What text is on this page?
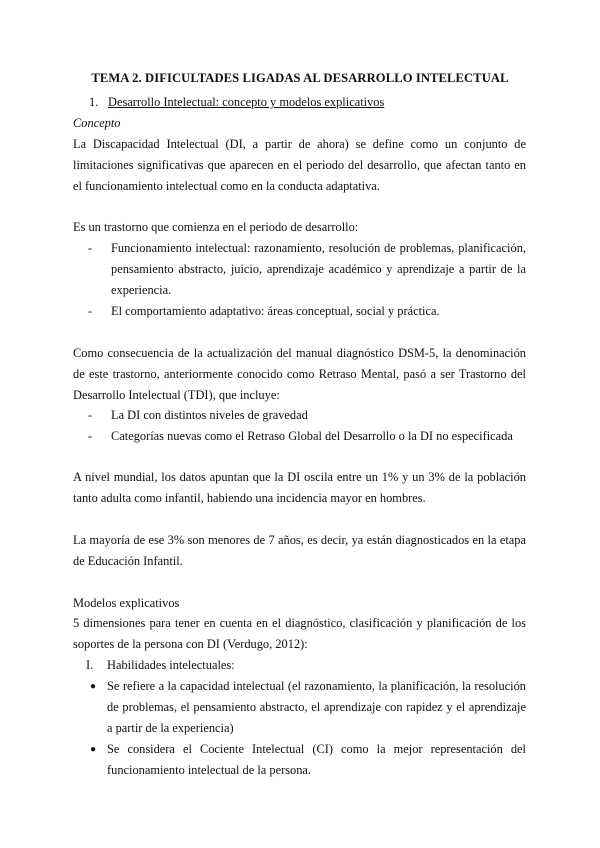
TEMA 2. DIFICULTADES LIGADAS AL DESARROLLO INTELECTUAL
1. Desarrollo Intelectual: concepto y modelos explicativos
Concepto
La Discapacidad Intelectual (DI, a partir de ahora) se define como un conjunto de limitaciones significativas que aparecen en el periodo del desarrollo, que afectan tanto en el funcionamiento intelectual como en la conducta adaptativa.
Es un trastorno que comienza en el periodo de desarrollo:
- Funcionamiento intelectual: razonamiento, resolución de problemas, planificación, pensamiento abstracto, juicio, aprendizaje académico y aprendizaje a partir de la experiencia.
- El comportamiento adaptativo: áreas conceptual, social y práctica.
Como consecuencia de la actualización del manual diagnóstico DSM-5, la denominación de este trastorno, anteriormente conocido como Retraso Mental, pasó a ser Trastorno del Desarrollo Intelectual (TDI), que incluye:
- La DI con distintos niveles de gravedad
- Categorías nuevas como el Retraso Global del Desarrollo o la DI no especificada
A nivel mundial, los datos apuntan que la DI oscila entre un 1% y un 3% de la población tanto adulta como infantil, habiendo una incidencia mayor en hombres.
La mayoría de ese 3% son menores de 7 años, es decir, ya están diagnosticados en la etapa de Educación Infantil.
Modelos explicativos
5 dimensiones para tener en cuenta en el diagnóstico, clasificación y planificación de los soportes de la persona con DI (Verdugo, 2012):
I. Habilidades intelectuales:
● Se refiere a la capacidad intelectual (el razonamiento, la planificación, la resolución de problemas, el pensamiento abstracto, el aprendizaje con rapidez y el aprendizaje a partir de la experiencia)
● Se considera el Cociente Intelectual (CI) como la mejor representación del funcionamiento intelectual de la persona.
